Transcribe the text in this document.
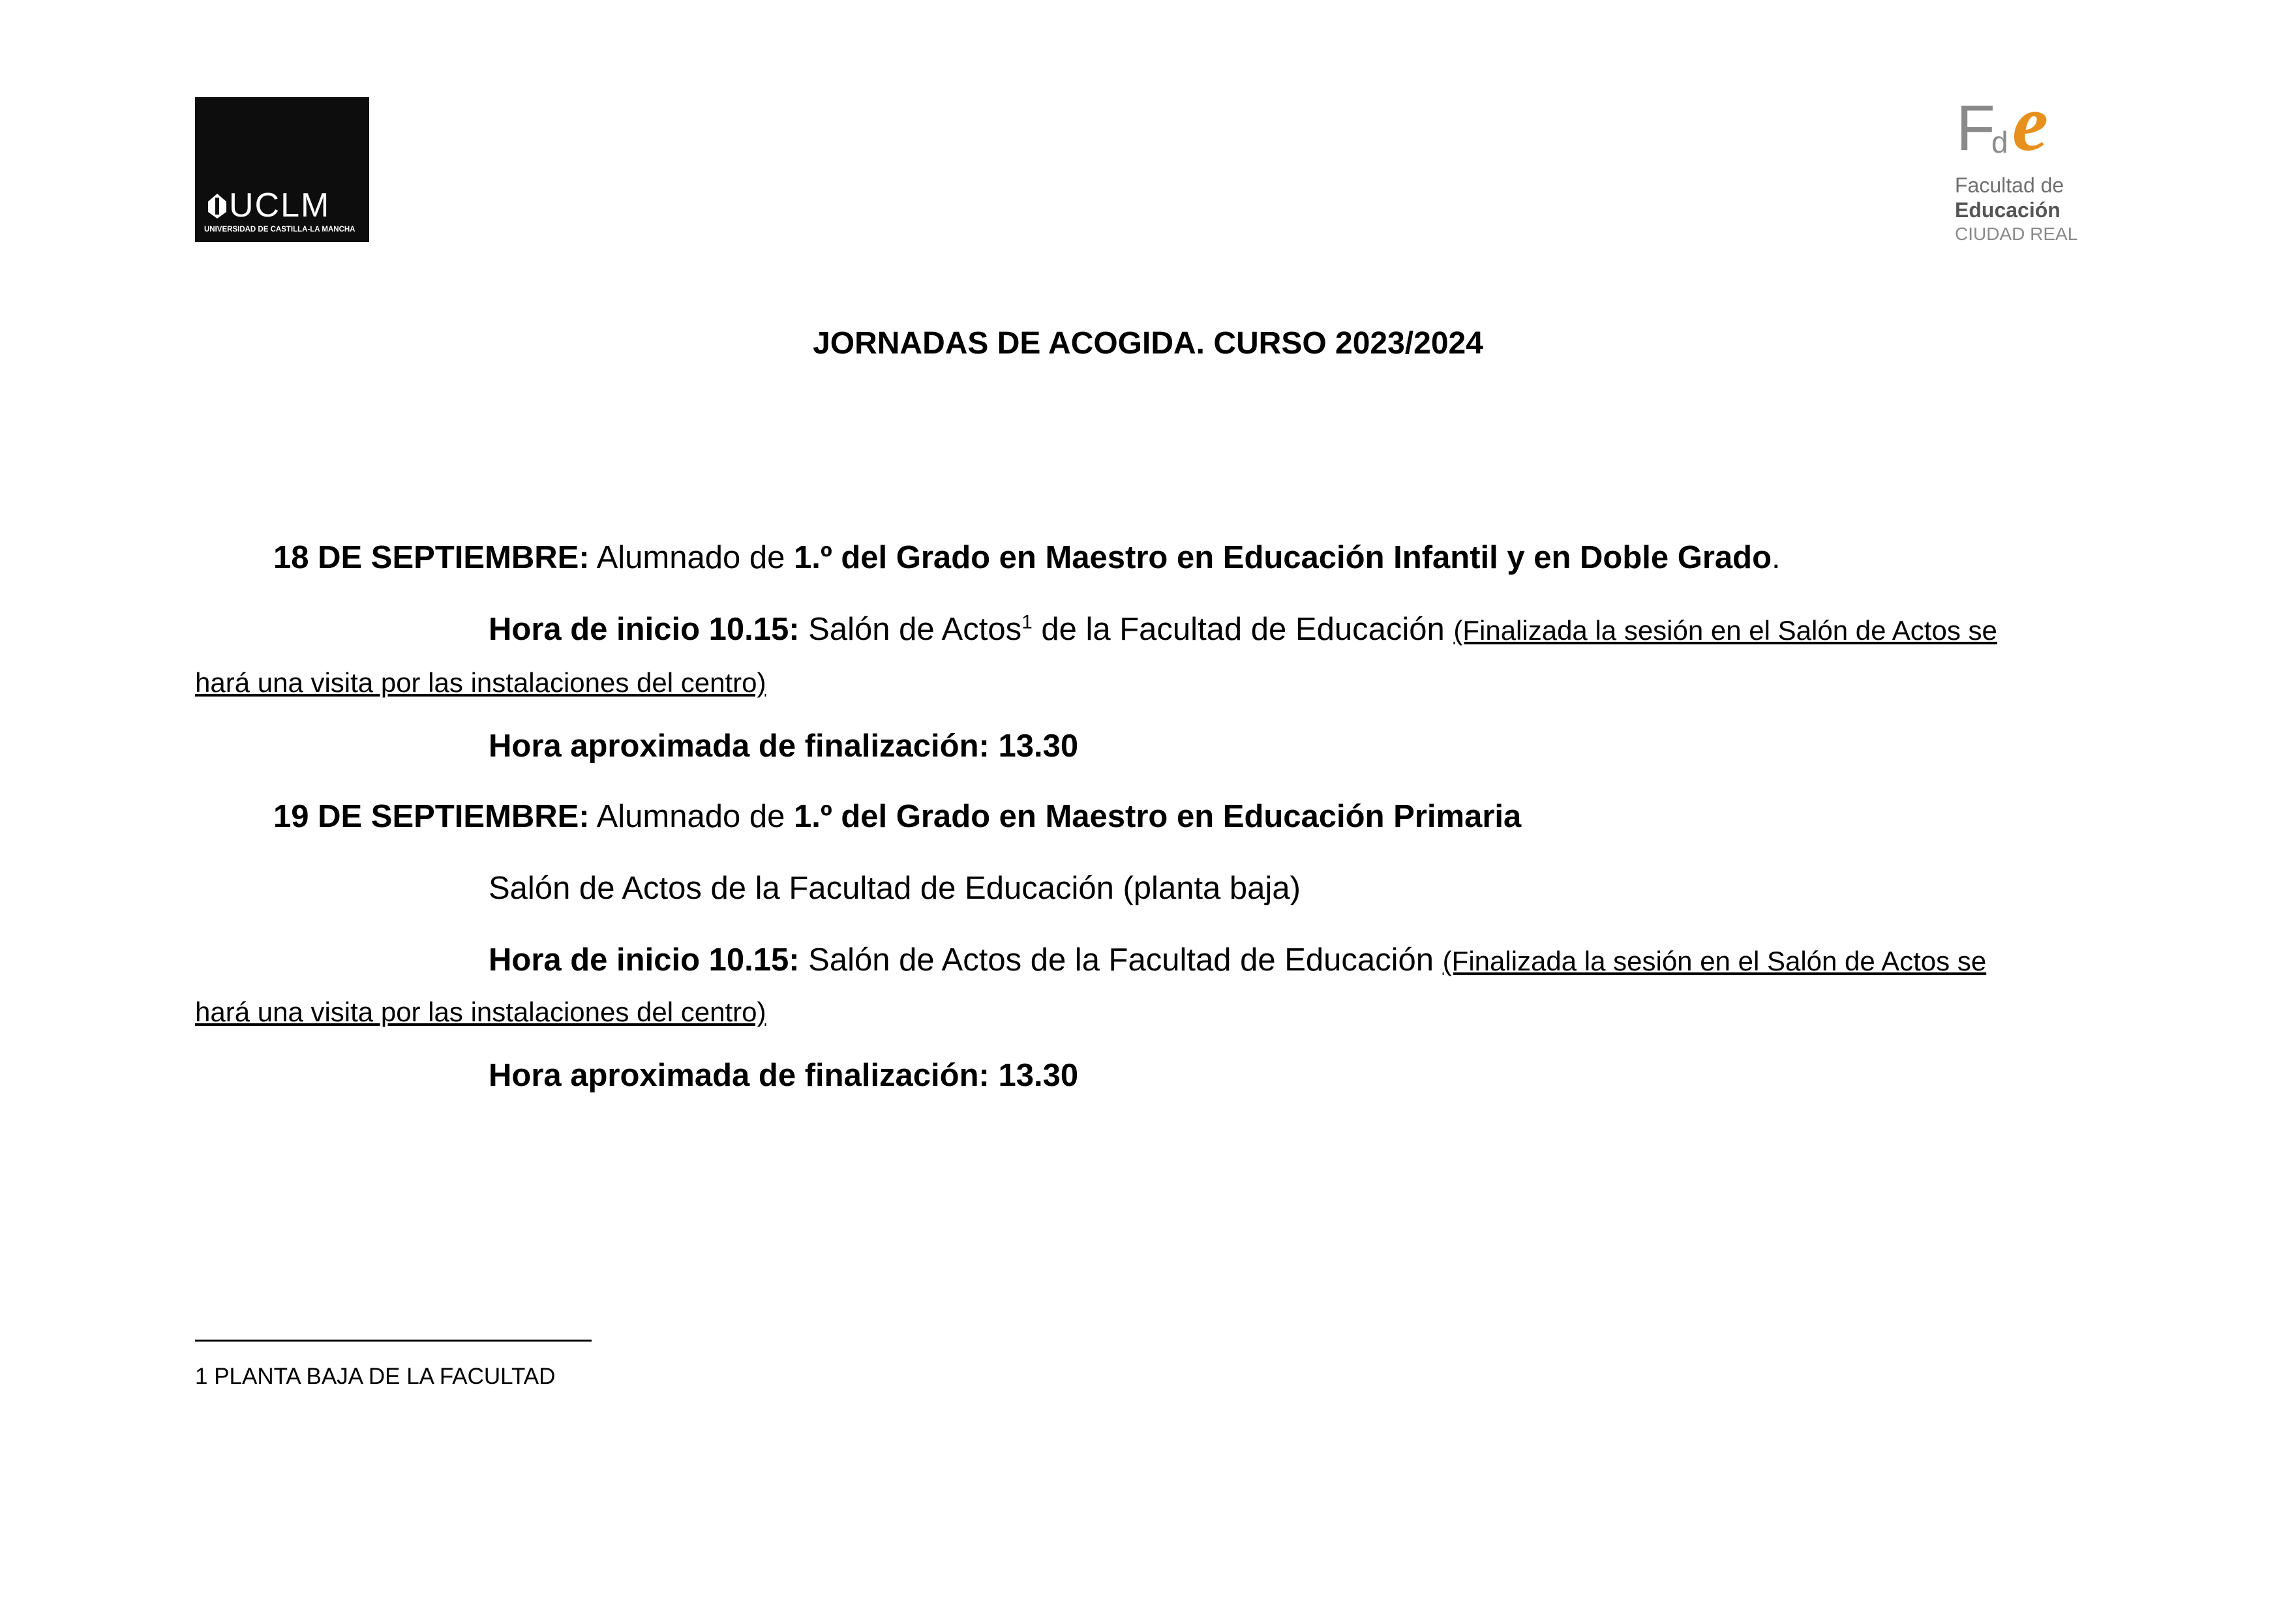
UCLM
UNIVERSIDAD DE CASTILLA-LA MANCHA
F
d e
Facultad de
Educación
CIUDAD REAL
JORNADAS DE ACOGIDA. CURSO 2023/2024
18 DE SEPTIEMBRE: Alumnado de 1.º del Grado en Maestro en Educación Infantil y en Doble Grado.
Hora de inicio 10.15: Salón de Actos$^1$ de la Facultad de Educación (Finalizada la sesión en el Salón de Actos se
hará una visita por las instalaciones del centro)
Hora aproximada de finalización: 13.30
19 DE SEPTIEMBRE: Alumnado de 1.º del Grado en Maestro en Educación Primaria
Salón de Actos de la Facultad de Educación (planta baja)
Hora de inicio 10.15: Salón de Actos de la Facultad de Educación (Finalizada la sesión en el Salón de Actos se
hará una visita por las instalaciones del centro)
Hora aproximada de finalización: 13.30
1 PLANTA BAJA DE LA FACULTAD
